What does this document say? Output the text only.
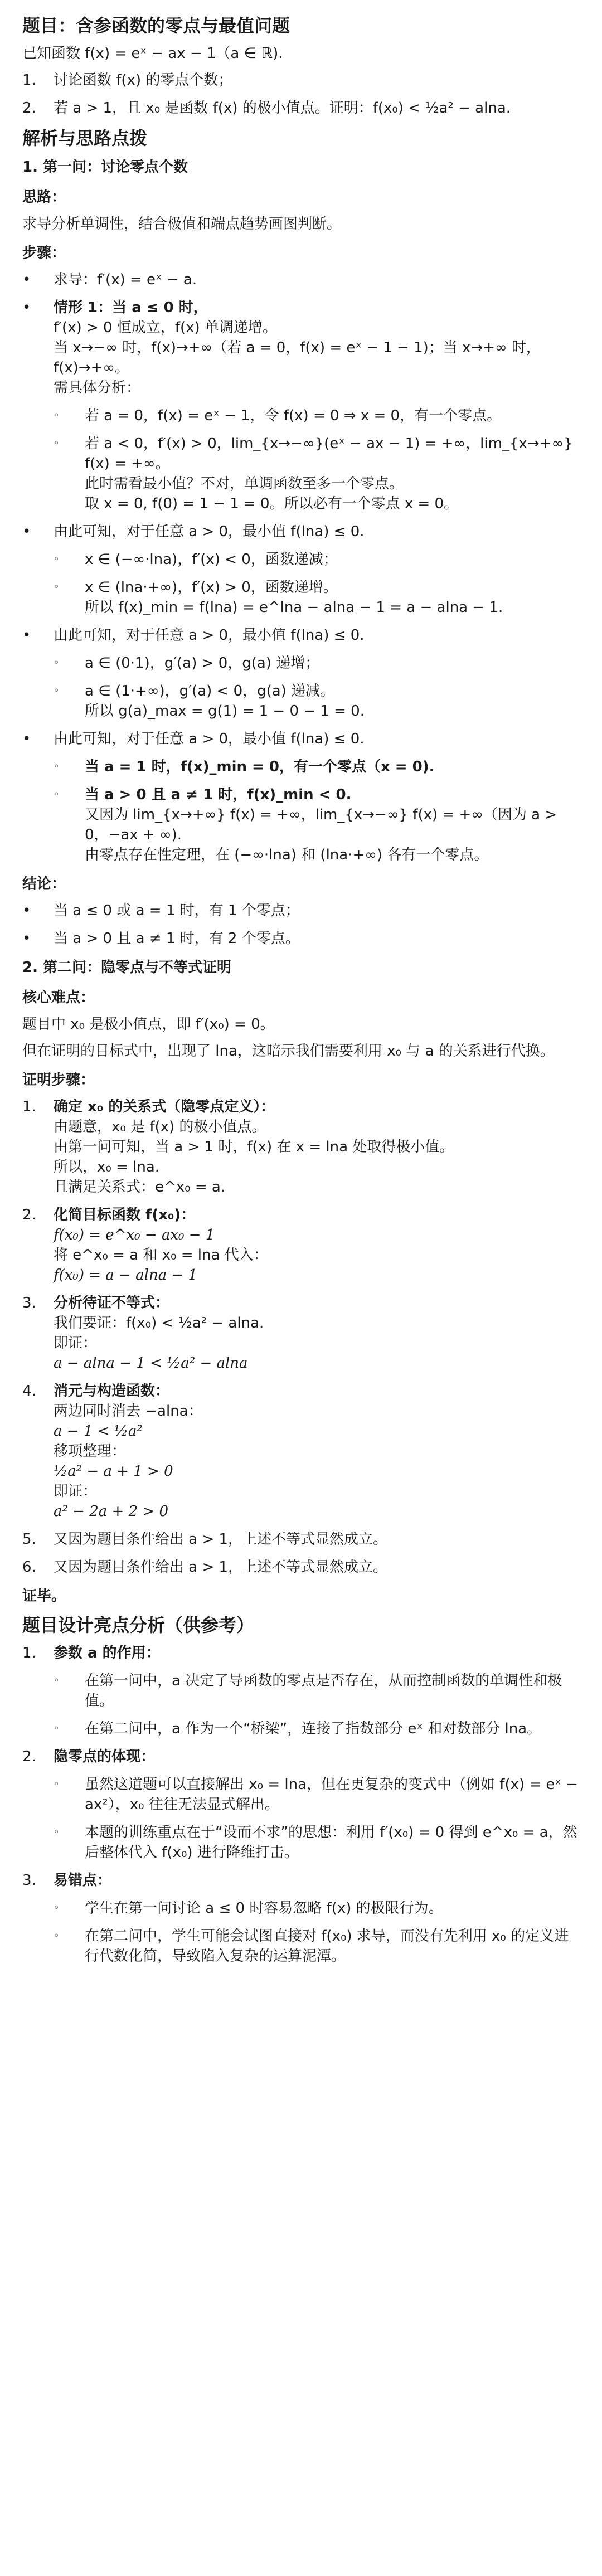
题目：含参函数的零点与最值问题
已知函数 f(x) = eˣ − ax − 1（a ∈ ℝ).
1.	讨论函数 f(x) 的零点个数；
2.	若 a > 1，且 x₀ 是函数 f(x) 的极小值点。证明：f(x₀) < ½a² − alna.
解析与思路点拨
1. 第一问：讨论零点个数
思路：
求导分析单调性，结合极值和端点趋势画图判断。
步骤：
•	求导：f′(x) = eˣ − a.
•	情形 1：当 a ≤ 0 时，
f′(x) > 0 恒成立，f(x) 单调递增。
当 x→−∞ 时，f(x)→+∞（若 a = 0，f(x) = eˣ − 1 − 1)；当 x→+∞ 时，f(x)→+∞。
需具体分析：
◦	若 a = 0，f(x) = eˣ − 1，令 f(x) = 0 ⇒ x = 0，有一个零点。
◦	若 a < 0，f′(x) > 0，lim_{x→−∞}(eˣ − ax − 1) = +∞，lim_{x→+∞} f(x) = +∞。
此时需看最小值？不对，单调函数至多一个零点。
取 x = 0, f(0) = 1 − 1 = 0。所以必有一个零点 x = 0。
•	由此可知，对于任意 a > 0，最小值 f(lna) ≤ 0.
◦	x ∈ (−∞·lna)，f′(x) < 0，函数递减；
◦	x ∈ (lna·+∞)，f′(x) > 0，函数递增。
所以 f(x)_min = f(lna) = e^lna − alna − 1 = a − alna − 1.
•	由此可知，对于任意 a > 0，最小值 f(lna) ≤ 0.
◦	a ∈ (0·1)，g′(a) > 0，g(a) 递增；
◦	a ∈ (1·+∞)，g′(a) < 0，g(a) 递减。
所以 g(a)_max = g(1) = 1 − 0 − 1 = 0.
•	由此可知，对于任意 a > 0，最小值 f(lna) ≤ 0.
◦	当 a = 1 时，f(x)_min = 0，有一个零点（x = 0).
◦	当 a > 0 且 a ≠ 1 时，f(x)_min < 0.
又因为 lim_{x→+∞} f(x) = +∞，lim_{x→−∞} f(x) = +∞（因为 a > 0，−ax + ∞).
由零点存在性定理，在 (−∞·lna) 和 (lna·+∞) 各有一个零点。
结论：
•	当 a ≤ 0 或 a = 1 时，有 1 个零点；
•	当 a > 0 且 a ≠ 1 时，有 2 个零点。
2. 第二问：隐零点与不等式证明
核心难点：
题目中 x₀ 是极小值点，即 f′(x₀) = 0。
但在证明的目标式中，出现了 lna，这暗示我们需要利用 x₀ 与 a 的关系进行代换。
证明步骤：
1.	确定 x₀ 的关系式（隐零点定义）：
由题意，x₀ 是 f(x) 的极小值点。
由第一问可知，当 a > 1 时，f(x) 在 x = lna 处取得极小值。
所以，x₀ = lna.
且满足关系式：e^x₀ = a.
2.	化简目标函数 f(x₀)：
f(x₀) = e^x₀ − ax₀ − 1
将 e^x₀ = a 和 x₀ = lna 代入：
f(x₀) = a − alna − 1
3.	分析待证不等式：
我们要证：f(x₀) < ½a² − alna.
即证：
a − alna − 1 < ½a² − alna
4.	消元与构造函数：
两边同时消去 −alna：
a − 1 < ½a²
移项整理：
½a² − a + 1 > 0
即证：
a² − 2a + 2 > 0
5.	又因为题目条件给出 a > 1，上述不等式显然成立。
6.	又因为题目条件给出 a > 1，上述不等式显然成立。
证毕。
题目设计亮点分析（供参考）
1.	参数 a 的作用：
◦	在第一问中，a 决定了导函数的零点是否存在，从而控制函数的单调性和极值。
◦	在第二问中，a 作为一个“桥梁”，连接了指数部分 eˣ 和对数部分 lna。
2.	隐零点的体现：
◦	虽然这道题可以直接解出 x₀ = lna，但在更复杂的变式中（例如 f(x) = eˣ − ax²），x₀ 往往无法显式解出。
◦	本题的训练重点在于“设而不求”的思想：利用 f′(x₀) = 0 得到 e^x₀ = a，然后整体代入 f(x₀) 进行降维打击。
3.	易错点：
◦	学生在第一问讨论 a ≤ 0 时容易忽略 f(x) 的极限行为。
◦	在第二问中，学生可能会试图直接对 f(x₀) 求导，而没有先利用 x₀ 的定义进行代数化简，导致陷入复杂的运算泥潭。
